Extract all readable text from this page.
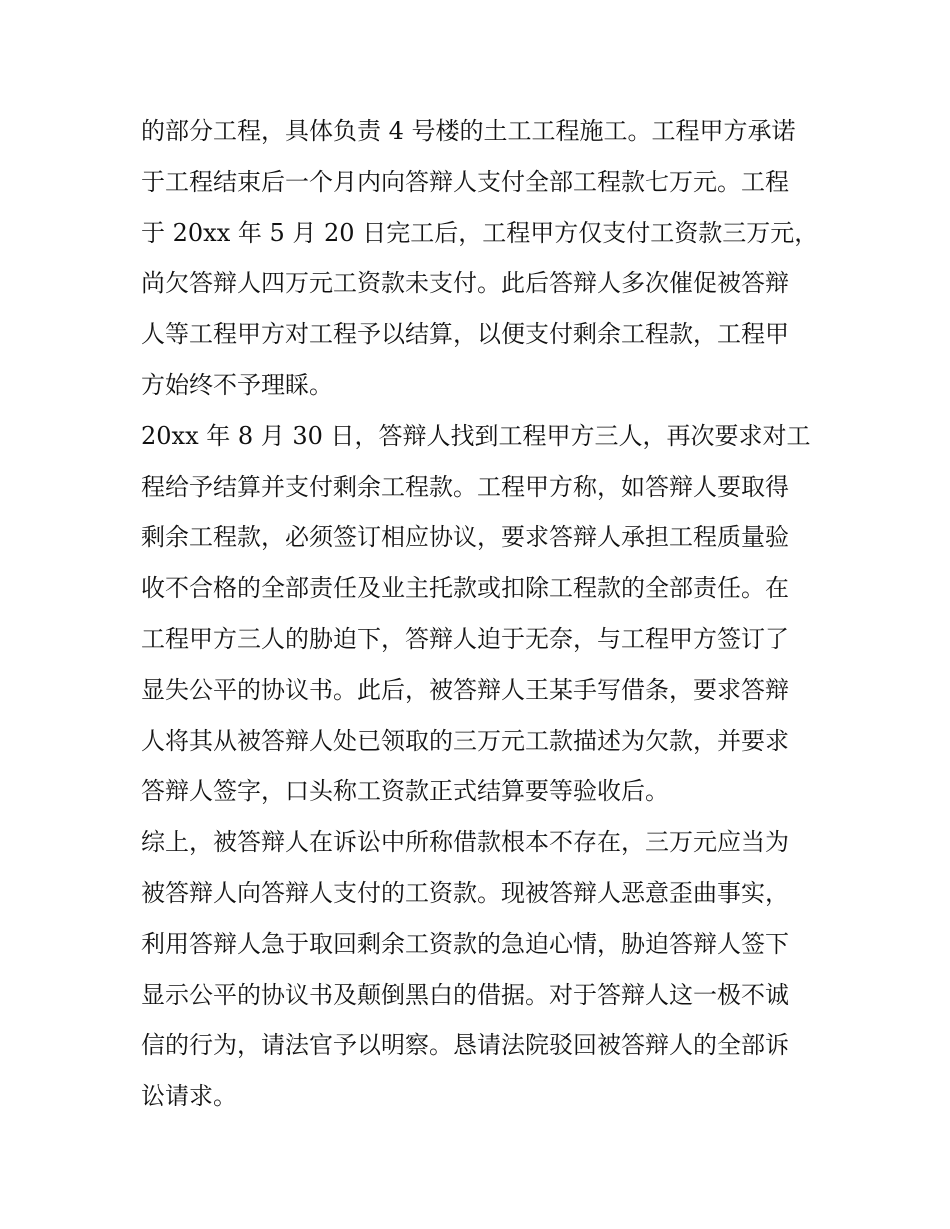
的部分工程，具体负责 4 号楼的土工工程施工。工程甲方承诺
于工程结束后一个月内向答辩人支付全部工程款七万元。工程
于 20xx 年 5 月 20 日完工后，工程甲方仅支付工资款三万元，
尚欠答辩人四万元工资款未支付。此后答辩人多次催促被答辩
人等工程甲方对工程予以结算，以便支付剩余工程款，工程甲
方始终不予理睬。
20xx 年 8 月 30 日，答辩人找到工程甲方三人，再次要求对工
程给予结算并支付剩余工程款。工程甲方称，如答辩人要取得
剩余工程款，必须签订相应协议，要求答辩人承担工程质量验
收不合格的全部责任及业主托款或扣除工程款的全部责任。在
工程甲方三人的胁迫下，答辩人迫于无奈，与工程甲方签订了
显失公平的协议书。此后，被答辩人王某手写借条，要求答辩
人将其从被答辩人处已领取的三万元工款描述为欠款，并要求
答辩人签字，口头称工资款正式结算要等验收后。
综上，被答辩人在诉讼中所称借款根本不存在，三万元应当为
被答辩人向答辩人支付的工资款。现被答辩人恶意歪曲事实，
利用答辩人急于取回剩余工资款的急迫心情，胁迫答辩人签下
显示公平的协议书及颠倒黑白的借据。对于答辩人这一极不诚
信的行为，请法官予以明察。恳请法院驳回被答辩人的全部诉
讼请求。
